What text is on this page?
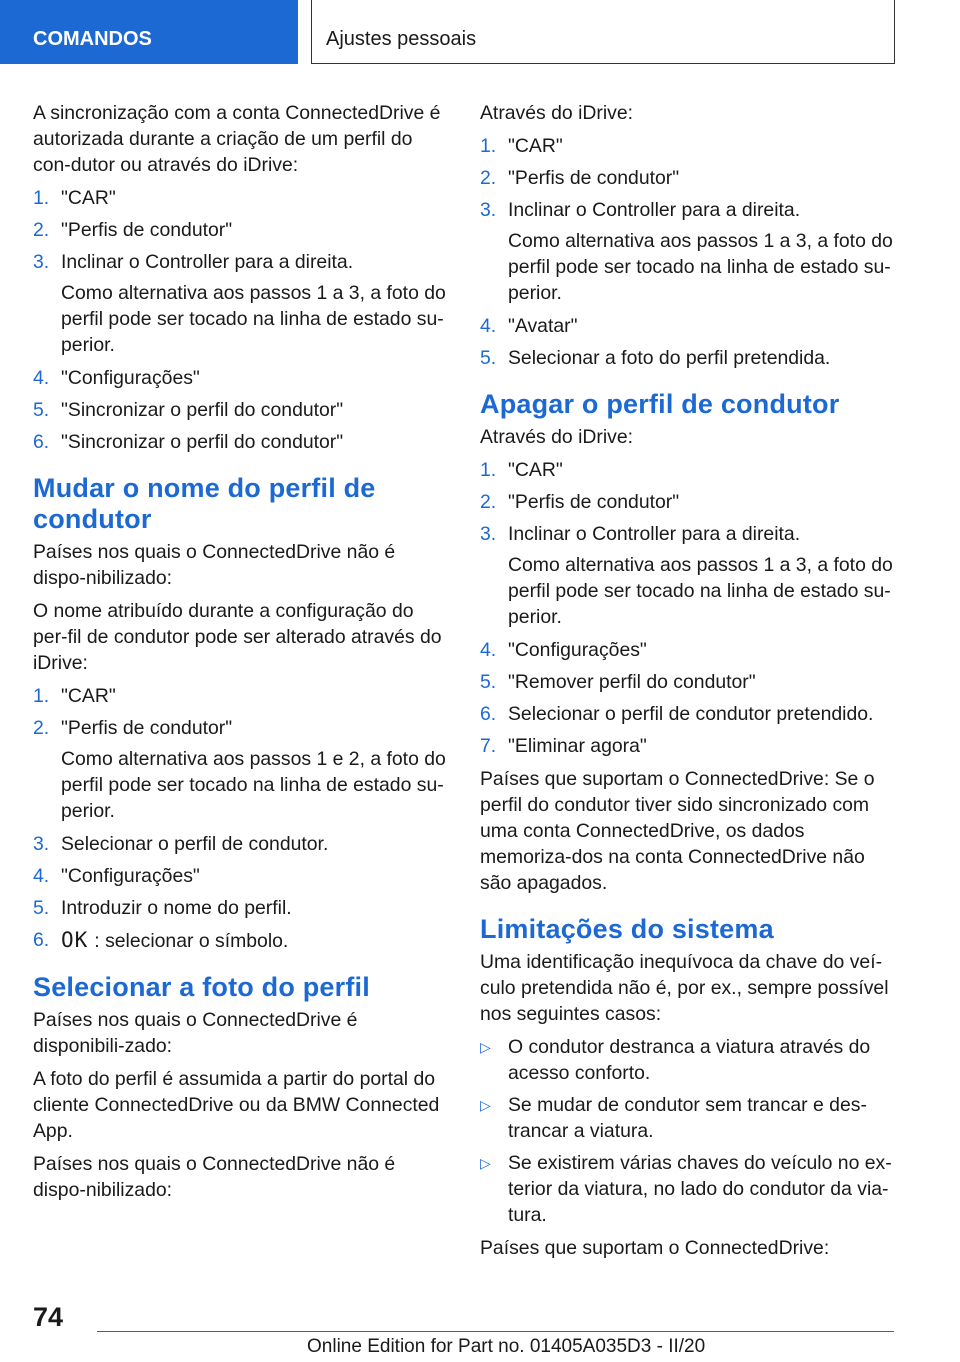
COMANDOS	Ajustes pessoais

A sincronização com a conta ConnectedDrive é autorizada durante a criação de um perfil do con-dutor ou através do iDrive:

1. "CAR"
2. "Perfis de condutor"
3. Inclinar o Controller para a direita.

Como alternativa aos passos 1 a 3, a foto do perfil pode ser tocado na linha de estado su-perior.

4. "Configurações"
5. "Sincronizar o perfil do condutor"
6. "Sincronizar o perfil do condutor"
Mudar o nome do perfil de condutor

Países nos quais o ConnectedDrive não é dispo-nibilizado:

O nome atribuído durante a configuração do per-fil de condutor pode ser alterado através do iDrive:

1. "CAR"
2. "Perfis de condutor"

Como alternativa aos passos 1 e 2, a foto do perfil pode ser tocado na linha de estado su-perior.

3. Selecionar o perfil de condutor.
4. "Configurações"
5. Introduzir o nome do perfil.
6. OK : selecionar o símbolo.
Selecionar a foto do perfil

Países nos quais o ConnectedDrive é disponibili-zado:

A foto do perfil é assumida a partir do portal do cliente ConnectedDrive ou da BMW Connected App.

Países nos quais o ConnectedDrive não é dispo-nibilizado:

Através do iDrive:

1. "CAR"
2. "Perfis de condutor"
3. Inclinar o Controller para a direita.

Como alternativa aos passos 1 a 3, a foto do perfil pode ser tocado na linha de estado su-perior.

4. "Avatar"
5. Selecionar a foto do perfil pretendida.
Apagar o perfil de condutor

Através do iDrive:

1. "CAR"
2. "Perfis de condutor"
3. Inclinar o Controller para a direita.

Como alternativa aos passos 1 a 3, a foto do perfil pode ser tocado na linha de estado su-perior.

4. "Configurações"
5. "Remover perfil do condutor"
6. Selecionar o perfil de condutor pretendido.
7. "Eliminar agora"

Países que suportam o ConnectedDrive: Se o perfil do condutor tiver sido sincronizado com uma conta ConnectedDrive, os dados memoriza-dos na conta ConnectedDrive não são apagados.

Limitações do sistema

Uma identificação inequívoca da chave do veí-culo pretendida não é, por ex., sempre possível nos seguintes casos:

▷ O condutor destranca a viatura através do acesso conforto.
▷ Se mudar de condutor sem trancar e des-trancar a viatura.
▷ Se existirem várias chaves do veículo no ex-terior da viatura, no lado do condutor da via-tura.

Países que suportam o ConnectedDrive:

74
Online Edition for Part no. 01405A035D3 - II/20
